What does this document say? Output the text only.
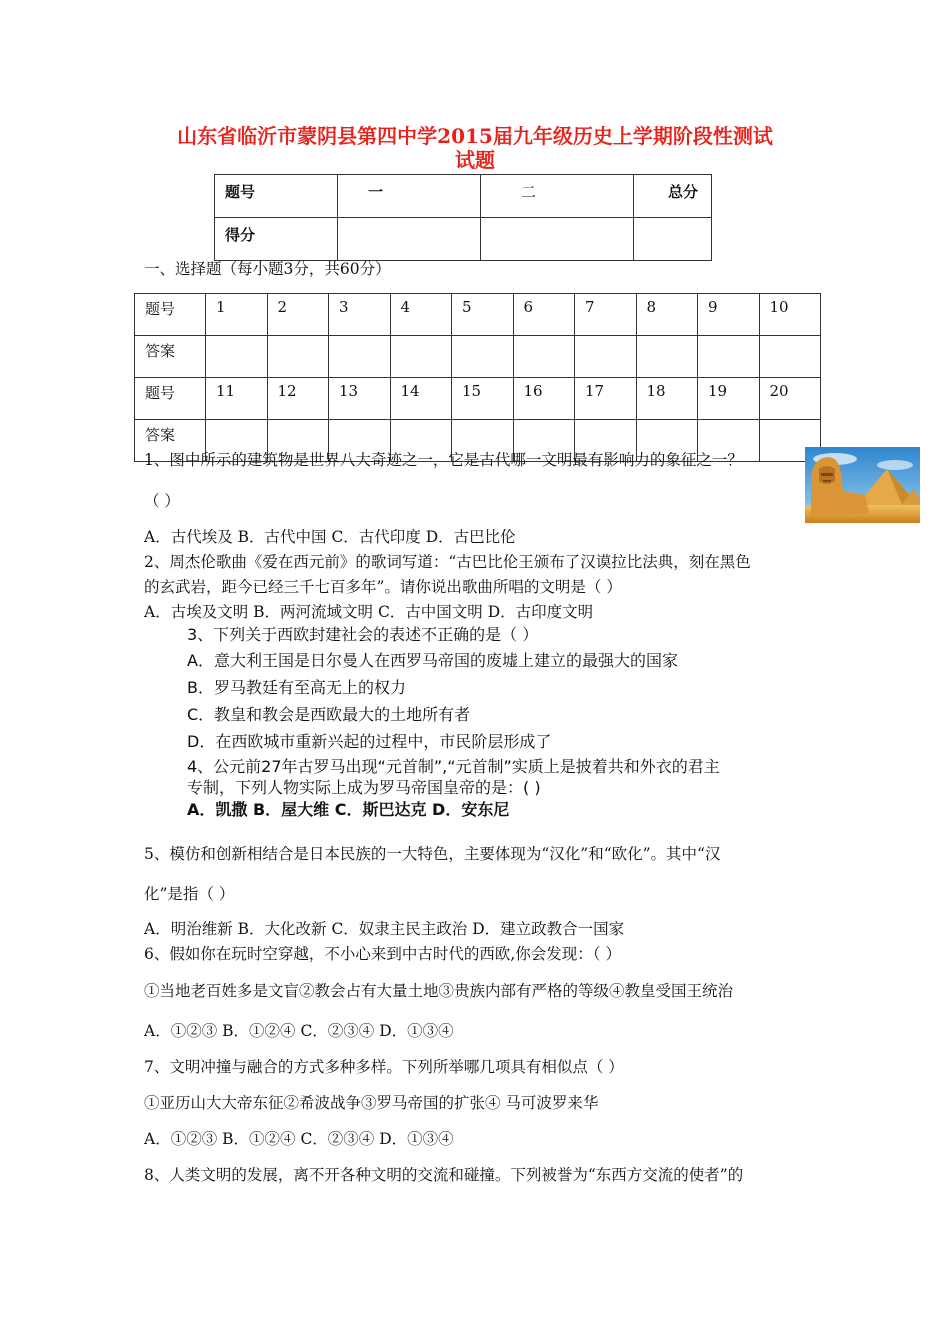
山东省临沂市蒙阴县第四中学2015届九年级历史上学期阶段性测试
试题
题号	一	二	总分
得分			
一、选择题（每小题3分，共60分）
题号	1	2	3	4	5	6	7	8	9	10
答案										
题号	11	12	13	14	15	16	17	18	19	20
答案										
1、图中所示的建筑物是世界八大奇迹之一，它是古代哪一文明最有影响力的象征之一？
（ ）
A．古代埃及 B．古代中国 C．古代印度 D．古巴比伦
2、周杰伦歌曲《爱在西元前》的歌词写道：“古巴比伦王颁布了汉谟拉比法典，刻在黑色
的玄武岩，距今已经三千七百多年”。请你说出歌曲所唱的文明是（ ）
A．古埃及文明 B．两河流域文明 C．古中国文明 D．古印度文明
3、下列关于西欧封建社会的表述不正确的是（ ）
A．意大利王国是日尔曼人在西罗马帝国的废墟上建立的最强大的国家
B．罗马教廷有至高无上的权力
C．教皇和教会是西欧最大的土地所有者
D．在西欧城市重新兴起的过程中，市民阶层形成了
4、公元前27年古罗马出现“元首制”,“元首制”实质上是披着共和外衣的君主
专制，下列人物实际上成为罗马帝国皇帝的是：( )
A．凯撒 B．屋大维 C．斯巴达克 D．安东尼
5、模仿和创新相结合是日本民族的一大特色，主要体现为“汉化”和“欧化”。其中“汉
化”是指（ ）
A．明治维新 B．大化改新 C．奴隶主民主政治 D．建立政教合一国家
6、假如你在玩时空穿越，不小心来到中古时代的西欧,你会发现：（ ）
①当地老百姓多是文盲②教会占有大量土地③贵族内部有严格的等级④教皇受国王统治
A．①②③ B．①②④ C．②③④ D．①③④
7、文明冲撞与融合的方式多种多样。下列所举哪几项具有相似点（ ）
①亚历山大大帝东征②希波战争③罗马帝国的扩张④ 马可波罗来华
A．①②③ B．①②④ C．②③④ D．①③④
8、人类文明的发展，离不开各种文明的交流和碰撞。下列被誉为“东西方交流的使者”的
